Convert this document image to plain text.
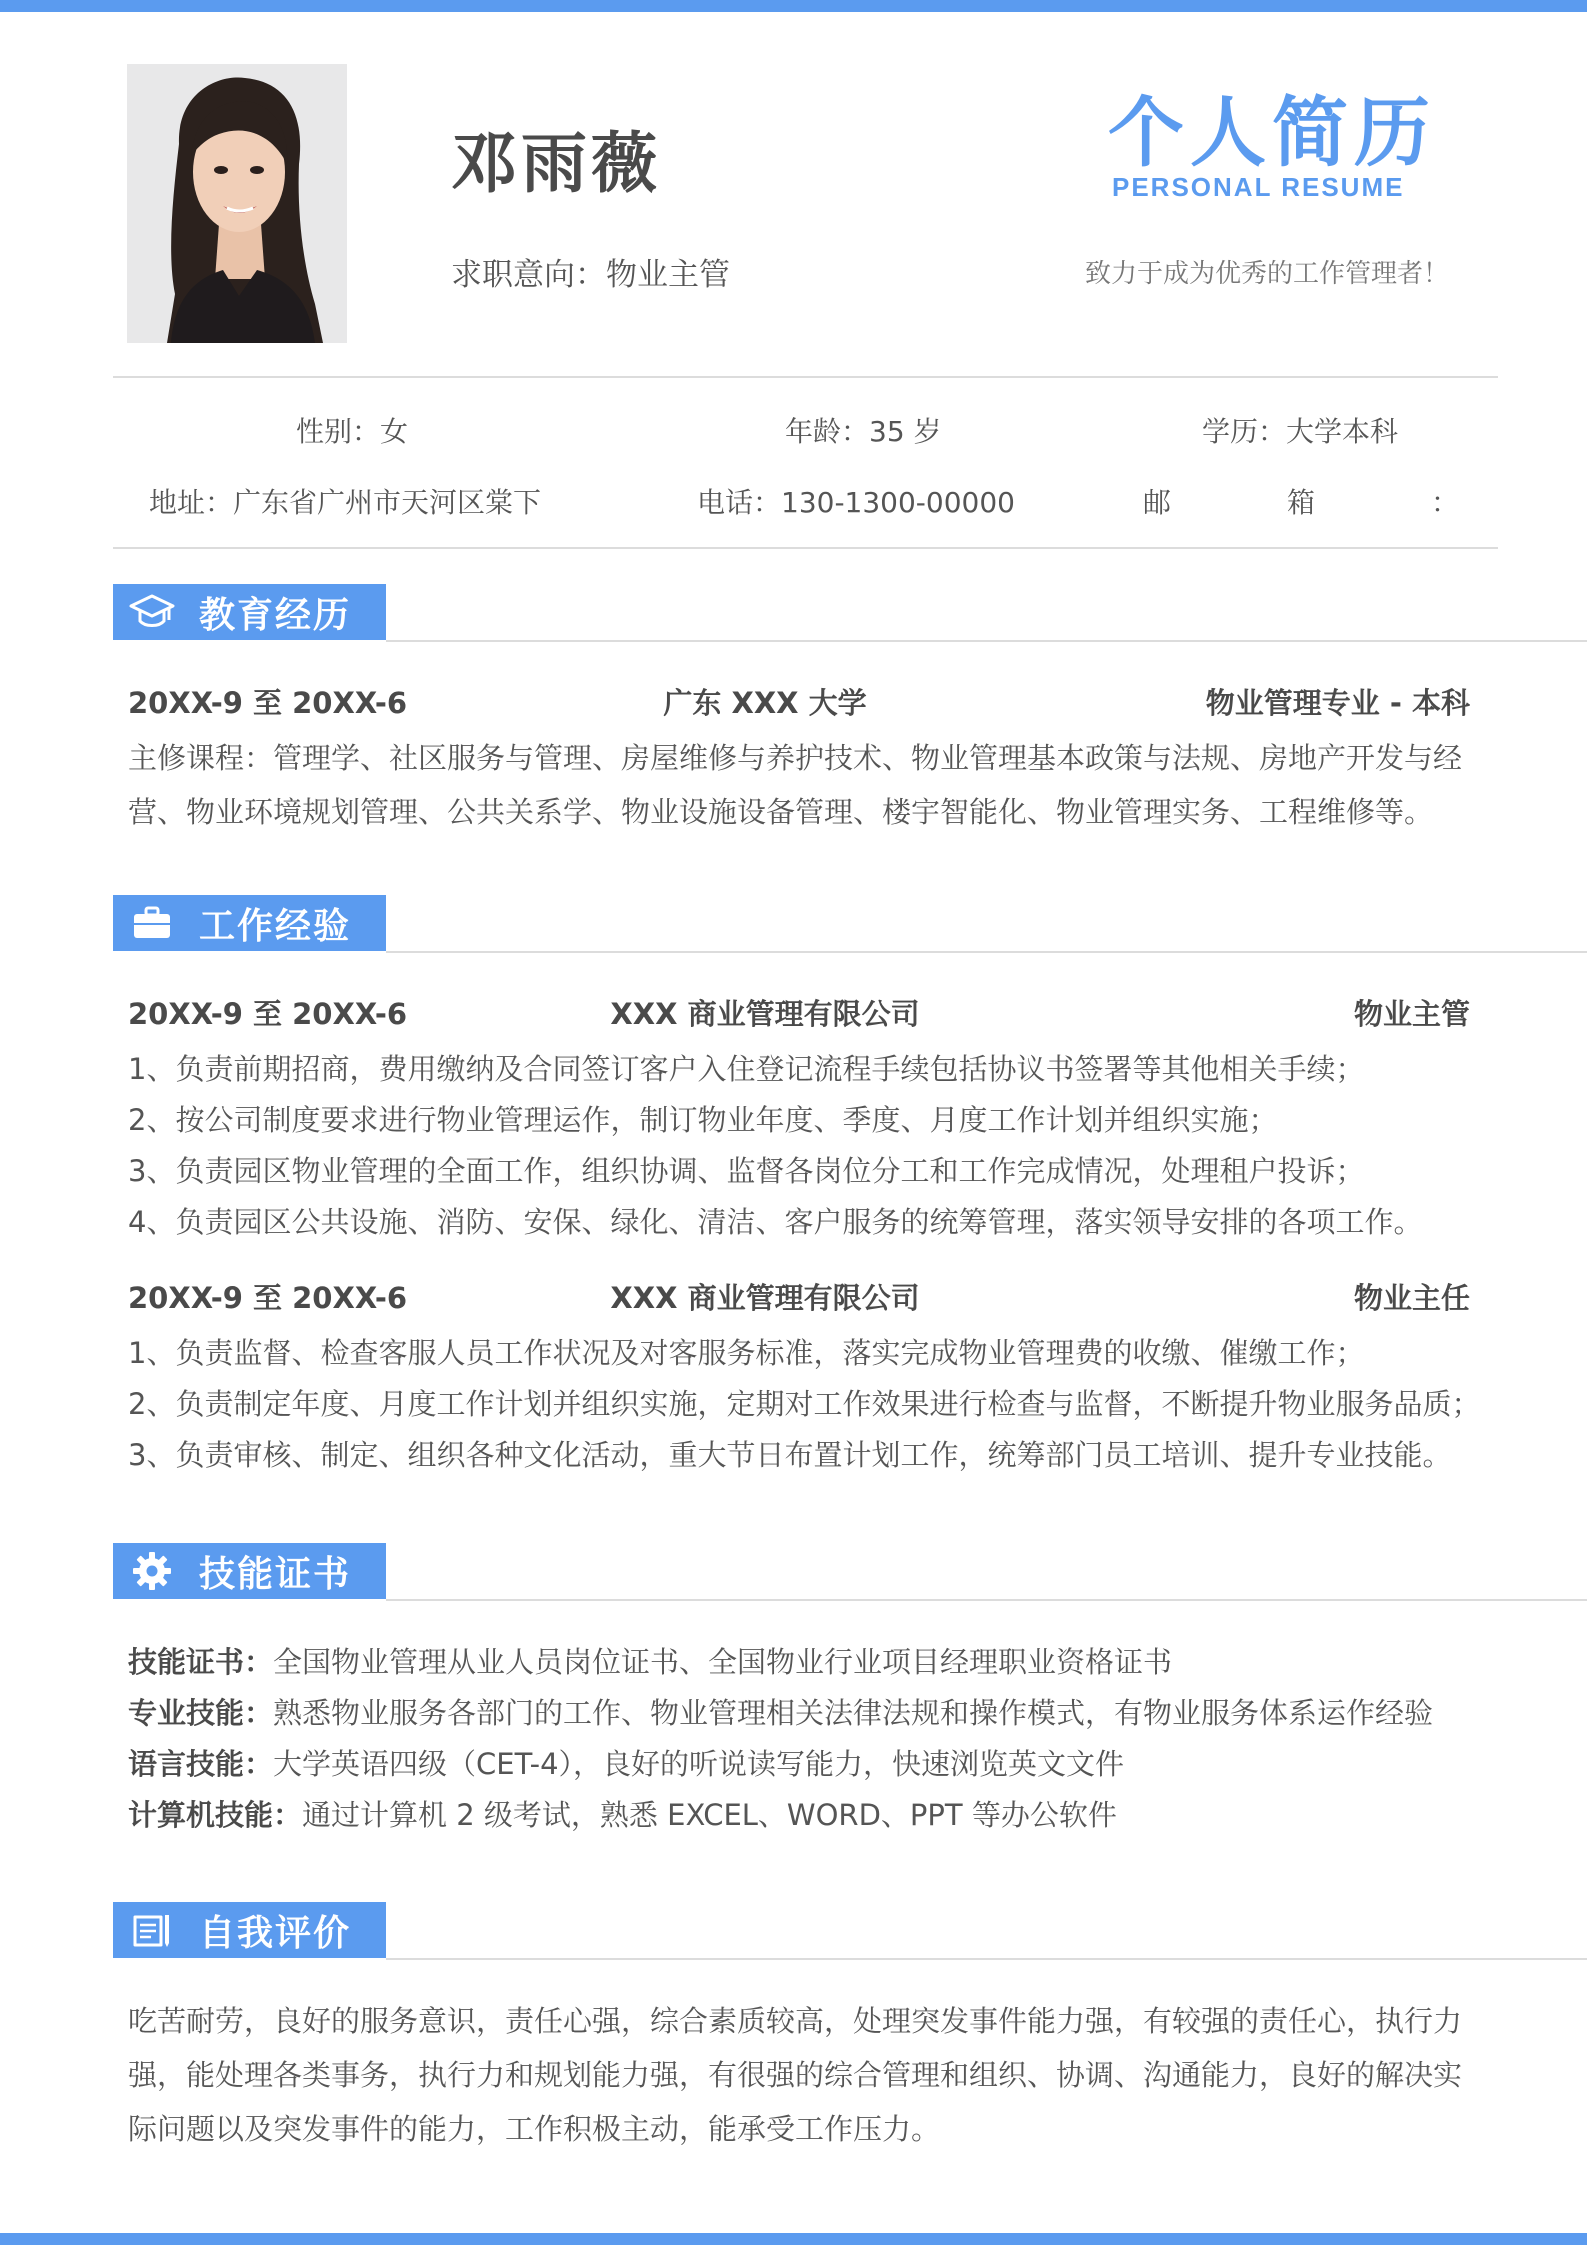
邓雨薇
求职意向：物业主管
个人简历
PERSONAL RESUME
致力于成为优秀的工作管理者！
性别：女	年龄：35 岁	学历：大学本科
地址：广东省广州市天河区棠下	电话：130-1300-00000	邮	箱	：
教育经历
20XX-9 至 20XX-6	广东 XXX 大学	物业管理专业 - 本科
主修课程：管理学、社区服务与管理、房屋维修与养护技术、物业管理基本政策与法规、房地产开发与经
营、物业环境规划管理、公共关系学、物业设施设备管理、楼宇智能化、物业管理实务、工程维修等。
工作经验
20XX-9 至 20XX-6	XXX 商业管理有限公司	物业主管
1、负责前期招商，费用缴纳及合同签订客户入住登记流程手续包括协议书签署等其他相关手续；
2、按公司制度要求进行物业管理运作，制订物业年度、季度、月度工作计划并组织实施；
3、负责园区物业管理的全面工作，组织协调、监督各岗位分工和工作完成情况，处理租户投诉；
4、负责园区公共设施、消防、安保、绿化、清洁、客户服务的统筹管理，落实领导安排的各项工作。
20XX-9 至 20XX-6	XXX 商业管理有限公司	物业主任
1、负责监督、检查客服人员工作状况及对客服务标准，落实完成物业管理费的收缴、催缴工作；
2、负责制定年度、月度工作计划并组织实施，定期对工作效果进行检查与监督，不断提升物业服务品质；
3、负责审核、制定、组织各种文化活动，重大节日布置计划工作，统筹部门员工培训、提升专业技能。
技能证书
技能证书：全国物业管理从业人员岗位证书、全国物业行业项目经理职业资格证书
专业技能：熟悉物业服务各部门的工作、物业管理相关法律法规和操作模式，有物业服务体系运作经验
语言技能：大学英语四级（CET-4），良好的听说读写能力，快速浏览英文文件
计算机技能：通过计算机 2 级考试，熟悉 EXCEL、WORD、PPT 等办公软件
自我评价
吃苦耐劳，良好的服务意识，责任心强，综合素质较高，处理突发事件能力强，有较强的责任心，执行力
强，能处理各类事务，执行力和规划能力强，有很强的综合管理和组织、协调、沟通能力，良好的解决实
际问题以及突发事件的能力，工作积极主动，能承受工作压力。
